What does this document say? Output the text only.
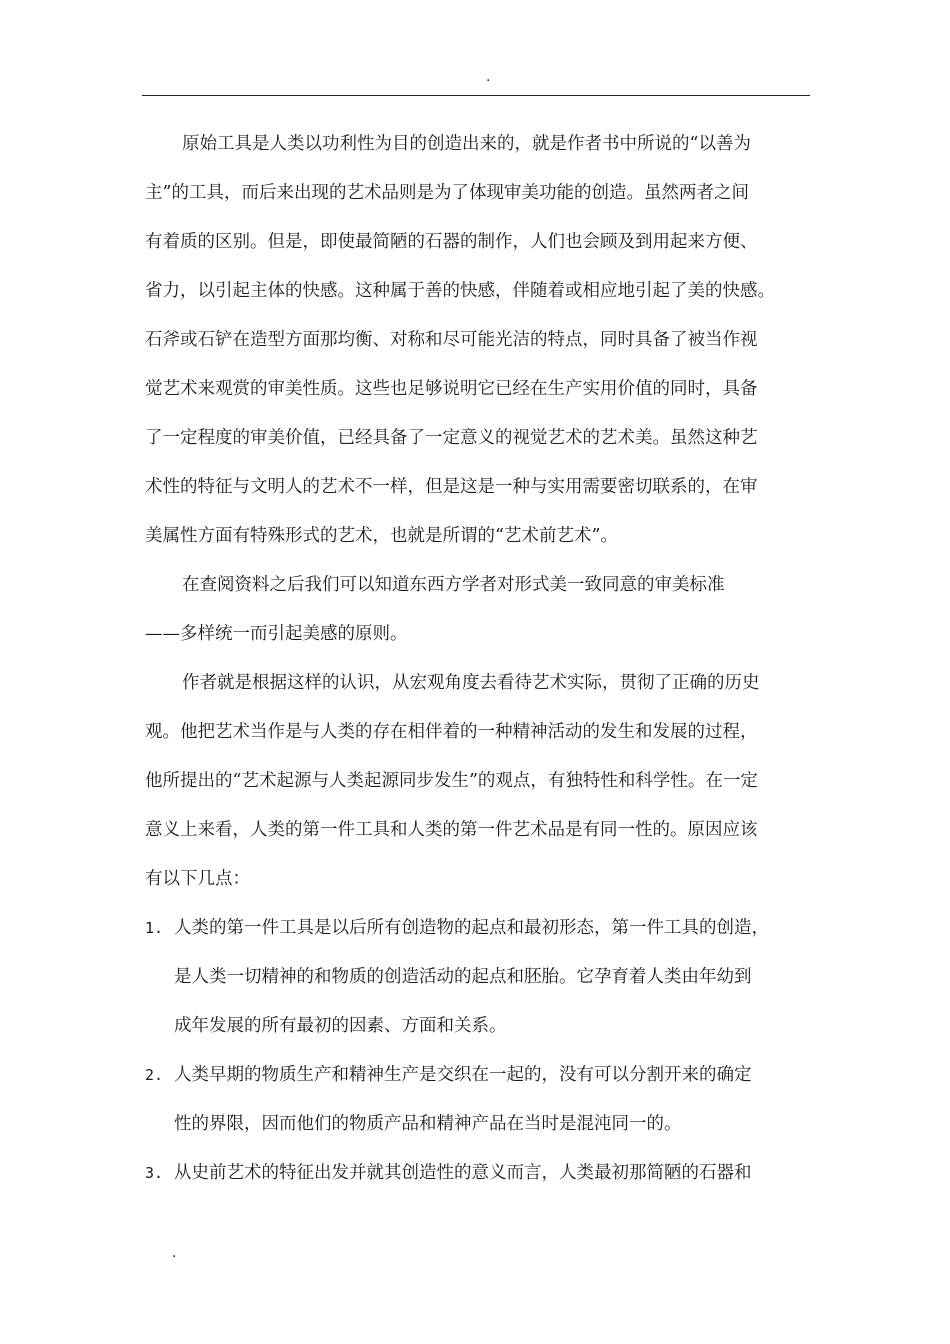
.
原始工具是人类以功利性为目的创造出来的，就是作者书中所说的“以善为
主”的工具，而后来出现的艺术品则是为了体现审美功能的创造。虽然两者之间
有着质的区别。但是，即使最简陋的石器的制作，人们也会顾及到用起来方便、
省力，以引起主体的快感。这种属于善的快感，伴随着或相应地引起了美的快感。
石斧或石铲在造型方面那均衡、对称和尽可能光洁的特点，同时具备了被当作视
觉艺术来观赏的审美性质。这些也足够说明它已经在生产实用价值的同时，具备
了一定程度的审美价值，已经具备了一定意义的视觉艺术的艺术美。虽然这种艺
术性的特征与文明人的艺术不一样，但是这是一种与实用需要密切联系的，在审
美属性方面有特殊形式的艺术，也就是所谓的“艺术前艺术”。
在查阅资料之后我们可以知道东西方学者对形式美一致同意的审美标准
——多样统一而引起美感的原则。
作者就是根据这样的认识，从宏观角度去看待艺术实际，贯彻了正确的历史
观。他把艺术当作是与人类的存在相伴着的一种精神活动的发生和发展的过程，
他所提出的“艺术起源与人类起源同步发生”的观点，有独特性和科学性。在一定
意义上来看，人类的第一件工具和人类的第一件艺术品是有同一性的。原因应该
有以下几点：
1. 人类的第一件工具是以后所有创造物的起点和最初形态，第一件工具的创造，
是人类一切精神的和物质的创造活动的起点和胚胎。它孕育着人类由年幼到
成年发展的所有最初的因素、方面和关系。
2. 人类早期的物质生产和精神生产是交织在一起的，没有可以分割开来的确定
性的界限，因而他们的物质产品和精神产品在当时是混沌同一的。
3. 从史前艺术的特征出发并就其创造性的意义而言，人类最初那简陋的石器和
.
